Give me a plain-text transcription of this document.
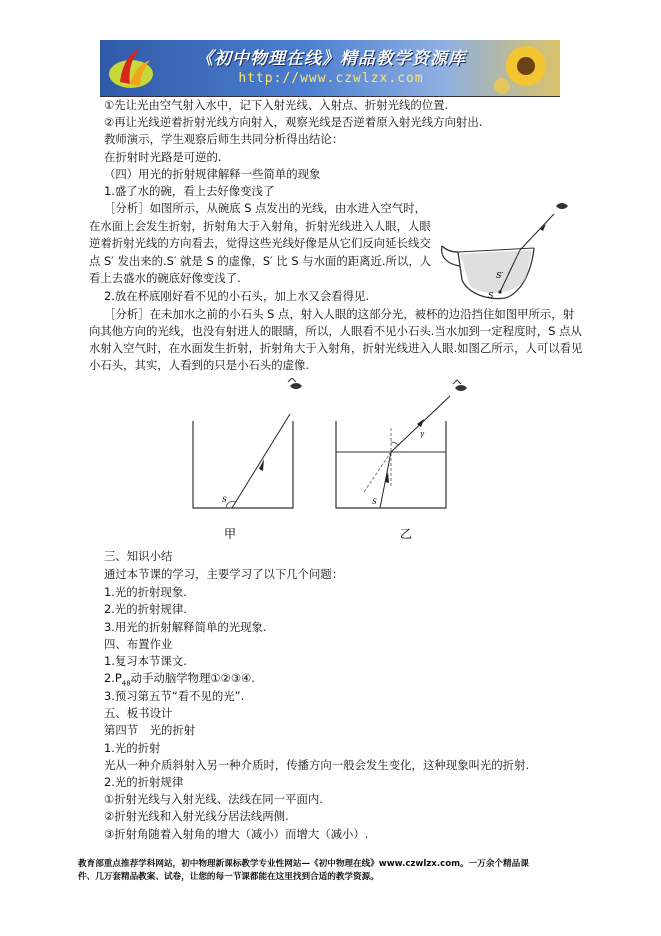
《初中物理在线》精品教学资源库
http://www.czwlzx.com
①先让光由空气射入水中，记下入射光线、入射点、折射光线的位置.
②再让光线逆着折射光线方向射入，观察光线是否逆着原入射光线方向射出.
教师演示，学生观察后师生共同分析得出结论：
在折射时光路是可逆的.
（四）用光的折射规律解释一些简单的现象
1.盛了水的碗，看上去好像变浅了
［分析］如图所示，从碗底 S 点发出的光线，由水进入空气时，
在水面上会发生折射，折射角大于入射角，折射光线进入人眼，人眼
逆着折射光线的方向看去，觉得这些光线好像是从它们反向延长线交
点 S′ 发出来的.S′ 就是 S 的虚像，S′ 比 S 与水面的距离近.所以，人
看上去盛水的碗底好像变浅了.
2.放在杯底刚好看不见的小石头，加上水又会看得见.
［分析］在未加水之前的小石头 S 点，射入人眼的这部分光，被杯的边沿挡住如图甲所示，射
向其他方向的光线，也没有射进人的眼睛，所以，人眼看不见小石头.当水加到一定程度时，S 点从
水射入空气时，在水面发生折射，折射角大于入射角，折射光线进入人眼.如图乙所示，人可以看见
小石头，其实，人看到的只是小石头的虚像.
S
S′
S
甲
γ
S
乙
三、知识小结
通过本节课的学习，主要学习了以下几个问题：
1.光的折射现象.
2.光的折射规律.
3.用光的折射解释简单的光现象.
四、布置作业
1.复习本节课文.
$2.P_{48}$动手动脑学物理①②③④.
3.预习第五节“看不见的光”.
五、板书设计
第四节　光的折射
1.光的折射
光从一种介质斜射入另一种介质时，传播方向一般会发生变化，这种现象叫光的折射.
2.光的折射规律
①折射光线与入射光线、法线在同一平面内.
②折射光线和入射光线分居法线两侧.
③折射角随着入射角的增大（减小）而增大（减小）.
教育部重点推荐学科网站，初中物理新课标教学专业性网站—《初中物理在线》www.czwlzx.com。一万余个精品课
件、几万套精品教案、试卷，让您的每一节课都能在这里找到合适的教学资源。
